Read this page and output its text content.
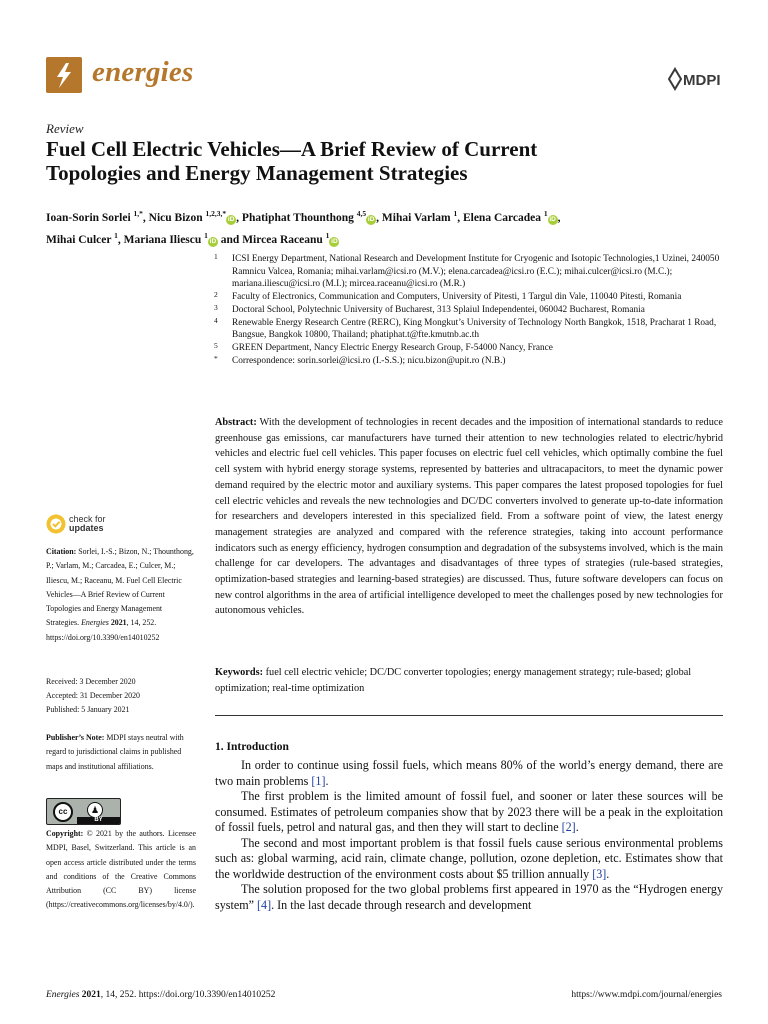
energies	MDPI
Review
Fuel Cell Electric Vehicles—A Brief Review of Current
Topologies and Energy Management Strategies
Ioan-Sorin Sorlei $^{1,*}$, Nicu Bizon $^{1,2,3,*}$iD , Phatiphat Thounthong $^{4,5}$iD , Mihai Varlam $^1$, Elena Carcadea $^1$iD ,
Mihai Culcer $^1$, Mariana Iliescu $^1$iD and Mircea Raceanu $^1$iD
1 ICSI Energy Department, National Research and Development Institute for Cryogenic and Isotopic Technologies,1 Uzinei, 240050 Ramnicu Valcea, Romania; mihai.varlam@icsi.ro (M.V.); elena.carcadea@icsi.ro (E.C.); mihai.culcer@icsi.ro (M.C.); mariana.iliescu@icsi.ro (M.I.); mircea.raceanu@icsi.ro (M.R.)
2 Faculty of Electronics, Communication and Computers, University of Pitesti, 1 Targul din Vale, 110040 Pitesti, Romania
3 Doctoral School, Polytechnic University of Bucharest, 313 Splaiul Independentei, 060042 Bucharest, Romania
4 Renewable Energy Research Centre (RERC), King Mongkut’s University of Technology North Bangkok, 1518, Pracharat 1 Road, Bangsue, Bangkok 10800, Thailand; phatiphat.t@fte.kmutnb.ac.th
5 GREEN Department, Nancy Electric Energy Research Group, F-54000 Nancy, France
* Correspondence: sorin.sorlei@icsi.ro (I.-S.S.); nicu.bizon@upit.ro (N.B.)
Abstract: With the development of technologies in recent decades and the imposition of international standards to reduce greenhouse gas emissions, car manufacturers have turned their attention to new technologies related to electric/hybrid vehicles and electric fuel cell vehicles. This paper focuses on electric fuel cell vehicles, which optimally combine the fuel cell system with hybrid energy storage systems, represented by batteries and ultracapacitors, to meet the dynamic power demand required by the electric motor and auxiliary systems. This paper compares the latest proposed topologies for fuel cell electric vehicles and reveals the new technologies and DC/DC converters involved to generate up-to-date information for researchers and developers interested in this specialized field. From a software point of view, the latest energy management strategies are analyzed and compared with the reference strategies, taking into account performance indicators such as energy efficiency, hydrogen consumption and degradation of the subsystems involved, which is the main challenge for car developers. The advantages and disadvantages of three types of strategies (rule-based strategies, optimization-based strategies and learning-based strategies) are discussed. Thus, future software developers can focus on new control algorithms in the area of artificial intelligence developed to meet the challenges posed by new technologies for autonomous vehicles.
Keywords: fuel cell electric vehicle; DC/DC converter topologies; energy management strategy; rule-based; global optimization; real-time optimization
check for
updates
Citation: Sorlei, I.-S.; Bizon, N.; Thounthong, P.; Varlam, M.; Carcadea, E.; Culcer, M.; Iliescu, M.; Raceanu, M. Fuel Cell Electric Vehicles—A Brief Review of Current Topologies and Energy Management Strategies. Energies 2021, 14, 252. https://doi.org/10.3390/en14010252
Received: 3 December 2020
Accepted: 31 December 2020
Published: 5 January 2021
Publisher’s Note: MDPI stays neutral with regard to jurisdictional claims in published maps and institutional affiliations.
cc	♟
BY
Copyright: © 2021 by the authors. Licensee MDPI, Basel, Switzerland. This article is an open access article distributed under the terms and conditions of the Creative Commons Attribution (CC BY) license (https://creativecommons.org/licenses/by/4.0/).
1. Introduction

In order to continue using fossil fuels, which means 80% of the world’s energy demand, there are two main problems [1].

The first problem is the limited amount of fossil fuel, and sooner or later these sources will be consumed. Estimates of petroleum companies show that by 2023 there will be a peak in the exploitation of fossil fuels, petrol and natural gas, and then they will start to decline [2].

The second and most important problem is that fossil fuels cause serious environmental problems such as: global warming, acid rain, climate change, pollution, ozone depletion, etc. Estimates show that the worldwide destruction of the environment costs about $5 trillion annually [3].

The solution proposed for the two global problems first appeared in 1970 as the “Hydrogen energy system” [4]. In the last decade through research and development

Energies 2021, 14, 252. https://doi.org/10.3390/en14010252	https://www.mdpi.com/journal/energies
